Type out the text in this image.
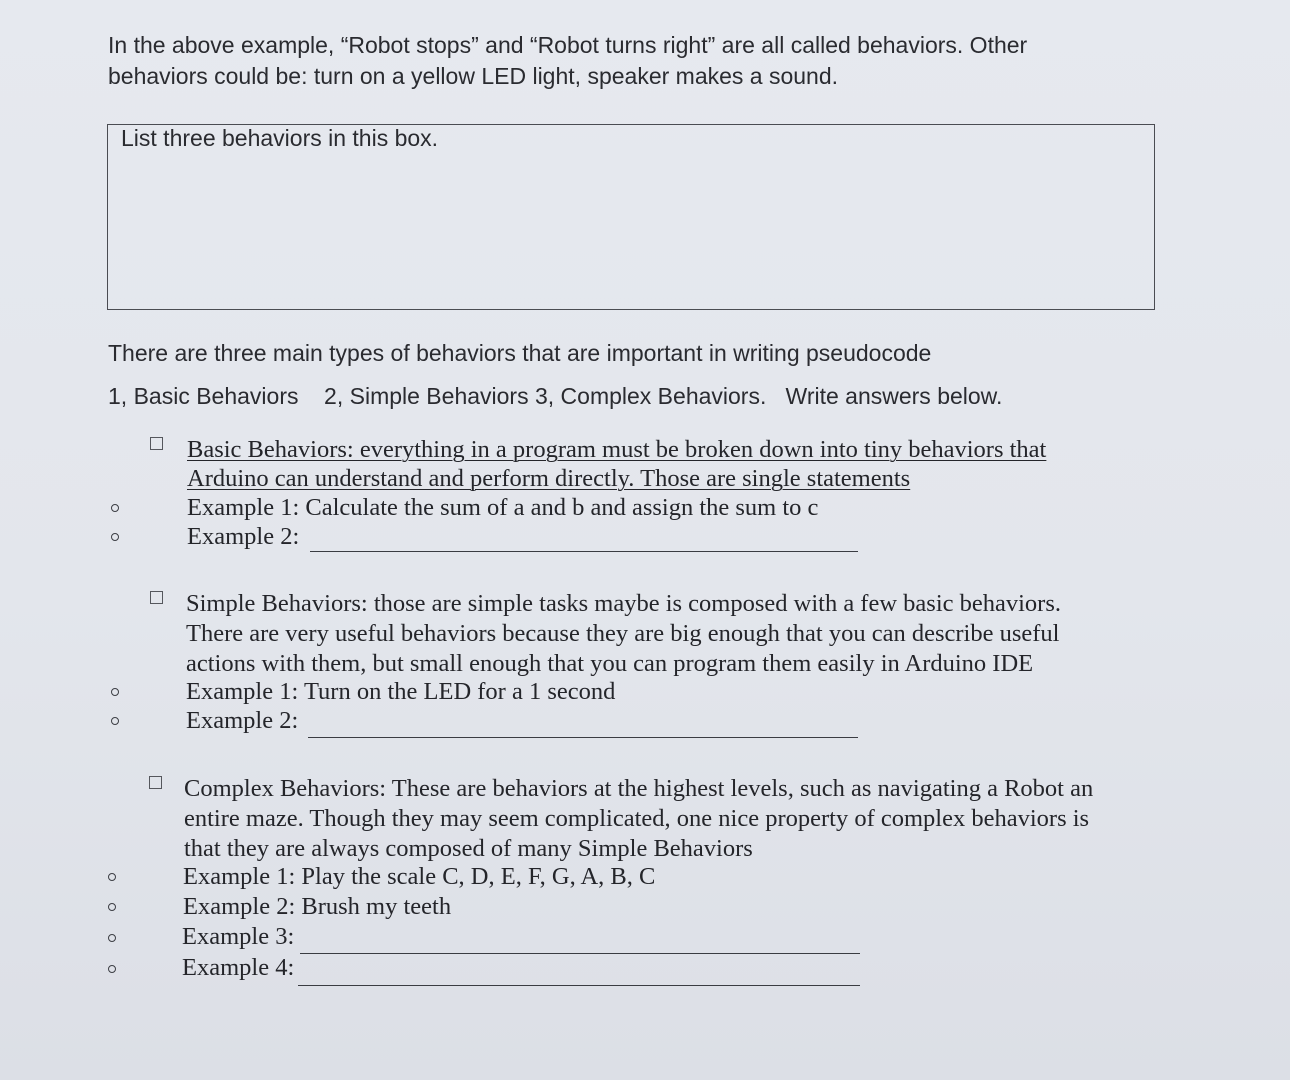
In the above example, “Robot stops” and “Robot turns right” are all called behaviors. Other
behaviors could be: turn on a yellow LED light, speaker makes a sound.
List three behaviors in this box.
There are three main types of behaviors that are important in writing pseudocode
1, Basic Behaviors    2, Simple Behaviors 3, Complex Behaviors.   Write answers below.
Basic Behaviors: everything in a program must be broken down into tiny behaviors that
Arduino can understand and perform directly. Those are single statements
Example 1: Calculate the sum of a and b and assign the sum to c
Example 2:
Simple Behaviors: those are simple tasks maybe is composed with a few basic behaviors.
There are very useful behaviors because they are big enough that you can describe useful
actions with them, but small enough that you can program them easily in Arduino IDE
Example 1: Turn on the LED for a 1 second
Example 2:
Complex Behaviors: These are behaviors at the highest levels, such as navigating a Robot an
entire maze. Though they may seem complicated, one nice property of complex behaviors is
that they are always composed of many Simple Behaviors
Example 1: Play the scale C, D, E, F, G, A, B, C
Example 2: Brush my teeth
Example 3:
Example 4:
